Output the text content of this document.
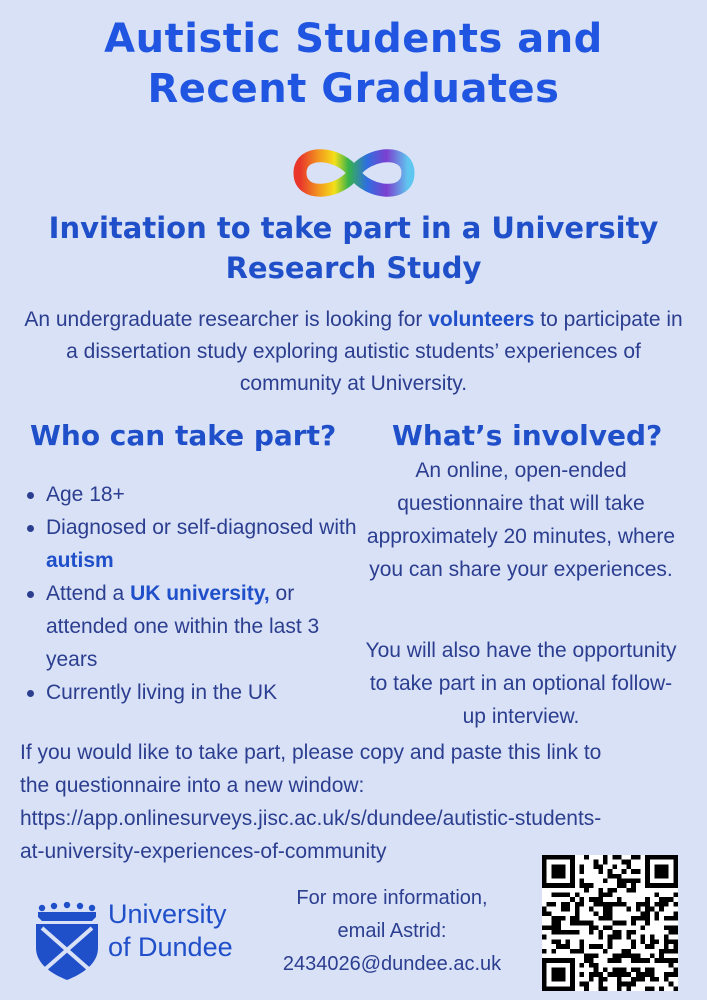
Autistic Students and
Recent Graduates
Invitation to take part in a University
Research Study
An undergraduate researcher is looking for volunteers to participate in a dissertation study exploring autistic students’ experiences of community at University.
Who can take part? What’s involved?
Age 18+
Diagnosed or self-diagnosed with autism
Attend a UK university, or attended one within the last 3 years
Currently living in the UK
An online, open-ended questionnaire that will take approximately 20 minutes, where you can share your experiences.
You will also have the opportunity to take part in an optional follow-up interview.
If you would like to take part, please copy and paste this link to
the questionnaire into a new window:
https://app.onlinesurveys.jisc.ac.uk/s/dundee/autistic-students-
at-university-experiences-of-community
University
of Dundee
For more information,
email Astrid:
2434026@dundee.ac.uk
